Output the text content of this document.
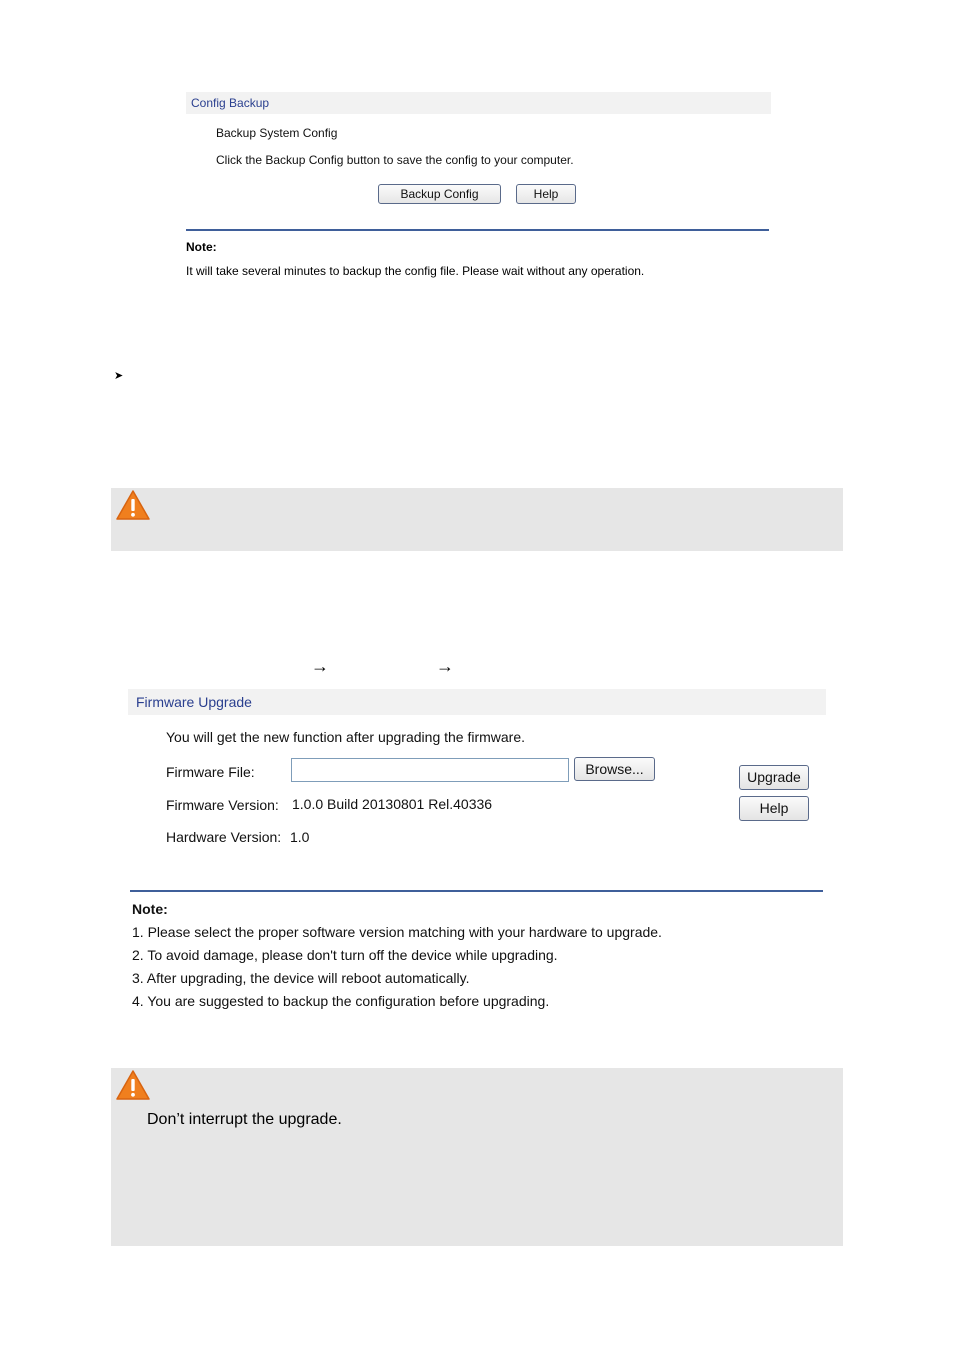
Config Backup
Backup System Config
Click the Backup Config button to save the config to your computer.
Backup Config	Help
Note:
It will take several minutes to backup the config file. Please wait without any operation.
➤
→	→
Firmware Upgrade
You will get the new function after upgrading the firmware.
Firmware File:	Browse...	Upgrade
Help
Firmware Version: 1.0.0 Build 20130801 Rel.40336
Hardware Version: 1.0
Note:
1. Please select the proper software version matching with your hardware to upgrade.
2. To avoid damage, please don't turn off the device while upgrading.
3. After upgrading, the device will reboot automatically.
4. You are suggested to backup the configuration before upgrading.
Don’t interrupt the upgrade.
